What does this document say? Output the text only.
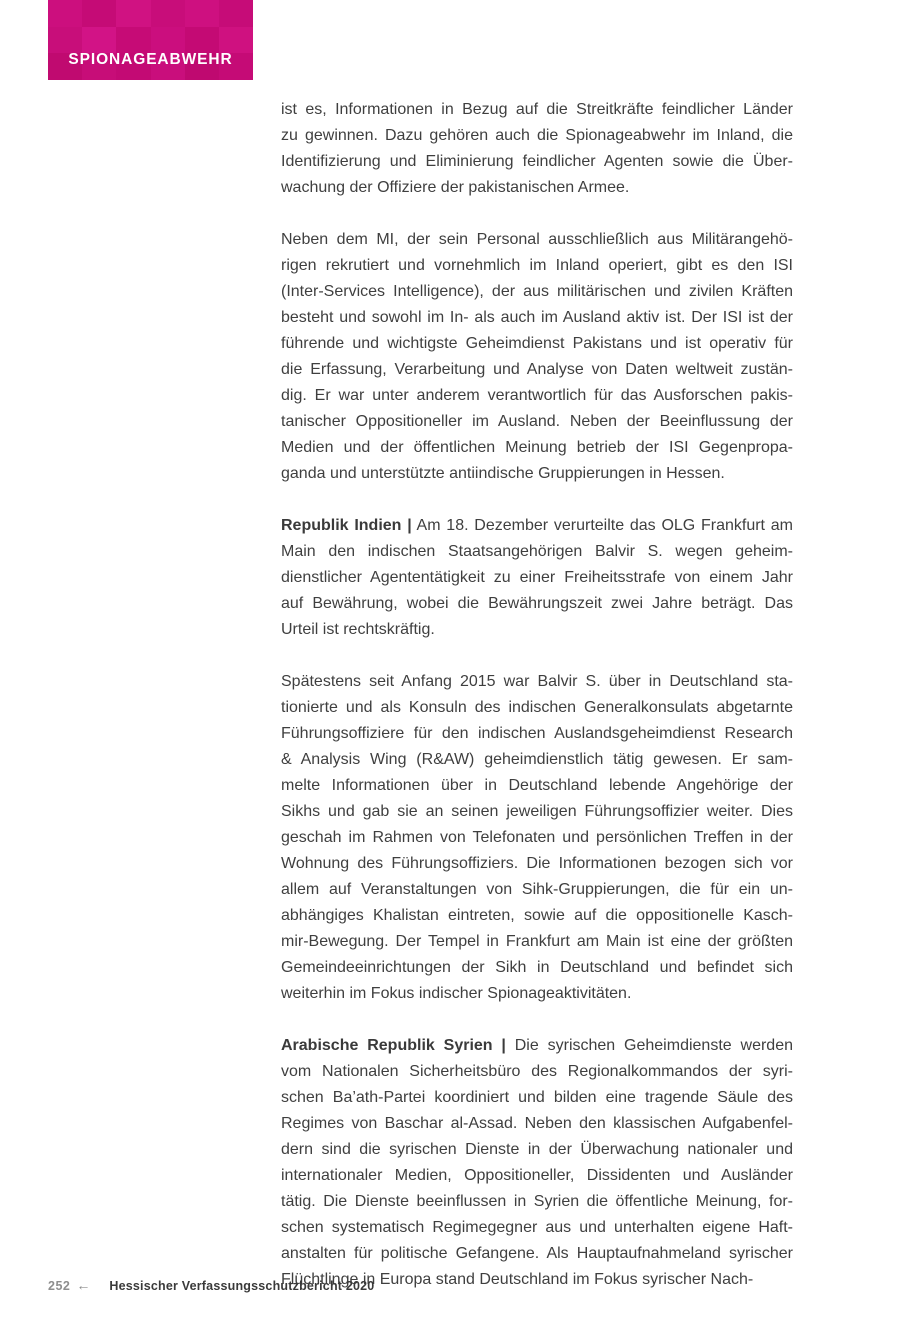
SPIONAGEABWEHR
ist es, Informationen in Bezug auf die Streitkräfte feindlicher Länder
zu gewinnen. Dazu gehören auch die Spionageabwehr im Inland, die
Identifizierung und Eliminierung feindlicher Agenten sowie die Über-
wachung der Offiziere der pakistanischen Armee.
Neben dem MI, der sein Personal ausschließlich aus Militärangehö-
rigen rekrutiert und vornehmlich im Inland operiert, gibt es den ISI
(Inter-Services Intelligence), der aus militärischen und zivilen Kräften
besteht und sowohl im In- als auch im Ausland aktiv ist. Der ISI ist der
führende und wichtigste Geheimdienst Pakistans und ist operativ für
die Erfassung, Verarbeitung und Analyse von Daten weltweit zustän-
dig. Er war unter anderem verantwortlich für das Ausforschen pakis-
tanischer Oppositioneller im Ausland. Neben der Beeinflussung der
Medien und der öffentlichen Meinung betrieb der ISI Gegenpropa-
ganda und unterstützte antiindische Gruppierungen in Hessen.
Republik Indien | Am 18. Dezember verurteilte das OLG Frankfurt am
Main den indischen Staatsangehörigen Balvir S. wegen geheim-
dienstlicher Agententätigkeit zu einer Freiheitsstrafe von einem Jahr
auf Bewährung, wobei die Bewährungszeit zwei Jahre beträgt. Das
Urteil ist rechtskräftig.
Spätestens seit Anfang 2015 war Balvir S. über in Deutschland sta-
tionierte und als Konsuln des indischen Generalkonsulats abgetarnte
Führungsoffiziere für den indischen Auslandsgeheimdienst Research
& Analysis Wing (R&AW) geheimdienstlich tätig gewesen. Er sam-
melte Informationen über in Deutschland lebende Angehörige der
Sikhs und gab sie an seinen jeweiligen Führungsoffizier weiter. Dies
geschah im Rahmen von Telefonaten und persönlichen Treffen in der
Wohnung des Führungsoffiziers. Die Informationen bezogen sich vor
allem auf Veranstaltungen von Sihk-Gruppierungen, die für ein un-
abhängiges Khalistan eintreten, sowie auf die oppositionelle Kasch-
mir-Bewegung. Der Tempel in Frankfurt am Main ist eine der größten
Gemeindeeinrichtungen der Sikh in Deutschland und befindet sich
weiterhin im Fokus indischer Spionageaktivitäten.
Arabische Republik Syrien | Die syrischen Geheimdienste werden
vom Nationalen Sicherheitsbüro des Regionalkommandos der syri-
schen Ba’ath-Partei koordiniert und bilden eine tragende Säule des
Regimes von Baschar al-Assad. Neben den klassischen Aufgabenfel-
dern sind die syrischen Dienste in der Überwachung nationaler und
internationaler Medien, Oppositioneller, Dissidenten und Ausländer
tätig. Die Dienste beeinflussen in Syrien die öffentliche Meinung, for-
schen systematisch Regimegegner aus und unterhalten eigene Haft-
anstalten für politische Gefangene. Als Hauptaufnahmeland syrischer
Flüchtlinge in Europa stand Deutschland im Fokus syrischer Nach-
252 ← Hessischer Verfassungsschutzbericht 2020
